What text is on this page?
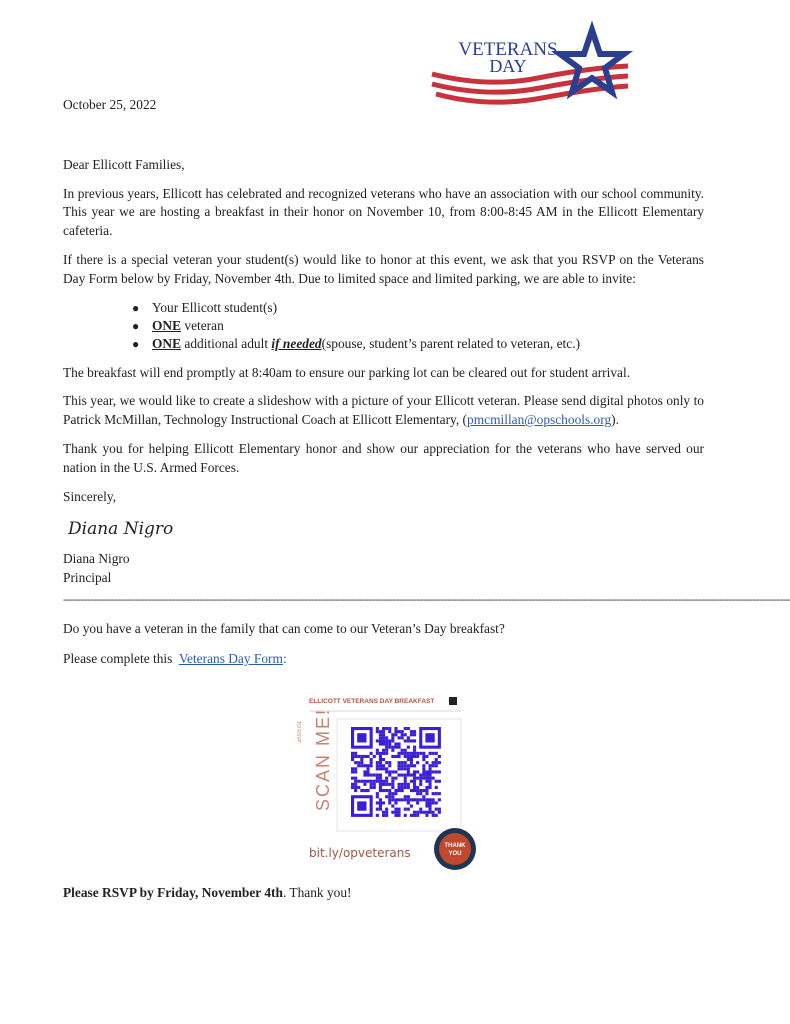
VETERANS
DAY
October 25, 2022
Dear Ellicott Families,
In previous years, Ellicott has celebrated and recognized veterans who have an association with our school community. This year we are hosting a breakfast in their honor on November 10, from 8:00-8:45 AM in the Ellicott Elementary cafeteria.
If there is a special veteran your student(s) would like to honor at this event, we ask that you RSVP on the Veterans Day Form below by Friday, November 4th. Due to limited space and limited parking, we are able to invite:
● Your Ellicott student(s)
● ONE veteran
● ONE additional adult if needed(spouse, student’s parent related to veteran, etc.)
The breakfast will end promptly at 8:40am to ensure our parking lot can be cleared out for student arrival.
This year, we would like to create a slideshow with a picture of your Ellicott veteran. Please send digital photos only to Patrick McMillan, Technology Instructional Coach at Ellicott Elementary, (pmcmillan@opschools.org).
Thank you for helping Ellicott Elementary honor and show our appreciation for the veterans who have served our nation in the U.S. Armed Forces.
Sincerely,
Diana Nigro
Diana Nigro
Principal
----------------------------------------------------------------------------------------------------------------------------------------------------------------------------------------------------------------------
Do you have a veteran in the family that can come to our Veteran’s Day breakfast?
Please complete this Veterans Day Form:
ELLICOTT VETERANS DAY BREAKFAST
SCAN ME!
TO RSVP
bit.ly/opveterans	THANK
YOU
Please RSVP by Friday, November 4th. Thank you!
